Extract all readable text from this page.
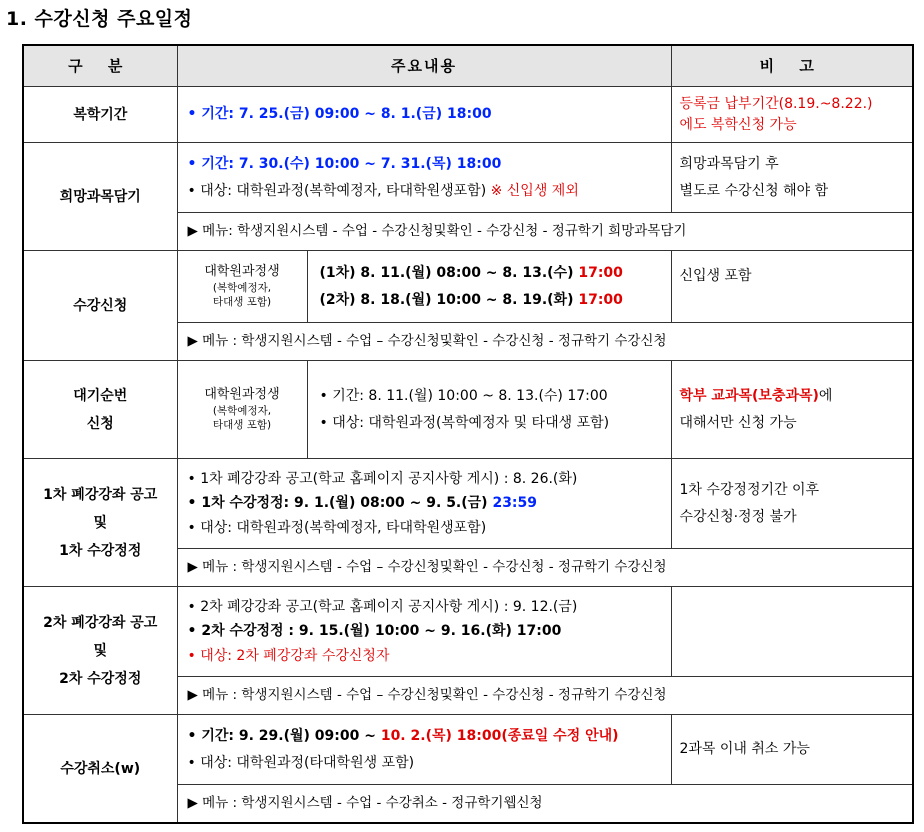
1. 수강신청 주요일정
구 분	주요내용		비 고
복학기간	• 기간: 7. 25.(금) 09:00 ~ 8. 1.(금) 18:00		등록금 납부기간(8.19.~8.22.)
에도 복학신청 가능

희망과목담기	• 기간: 7. 30.(수) 10:00 ~ 7. 31.(목) 18:00
• 대상: 대학원과정(복학예정자, 타대학원생포함) ※ 신입생 제외		희망과목담기 후
별도로 수강신청 해야 함

	▶ 메뉴: 학생지원시스템 - 수업 - 수강신청및확인 - 수강신청 - 정규학기 희망과목담기		
수강신청	대학원과정생
(복학예정자,
타대생 포함)	(1차) 8. 11.(월) 08:00 ~ 8. 13.(수) 17:00
(2차) 8. 18.(월) 10:00 ~ 8. 19.(화) 17:00	신입생 포함
	▶ 메뉴 : 학생지원시스템 - 수업 – 수강신청및확인 - 수강신청 - 정규학기 수강신청		

대기순번
신청	대학원과정생
(복학예정자,
타대생 포함)	• 기간: 8. 11.(월) 10:00 ~ 8. 13.(수) 17:00
• 대상: 대학원과정(복학예정자 및 타대생 포함)	학부 교과목(보충과목)에
대해서만 신청 가능

1차 폐강강좌 공고
및
1차 수강정정	• 1차 폐강강좌 공고(학교 홈페이지 공지사항 게시) : 8. 26.(화)
• 1차 수강정정: 9. 1.(월) 08:00 ~ 9. 5.(금) 23:59
• 대상: 대학원과정(복학예정자, 타대학원생포함)		1차 수강정정기간 이후
수강신청·정정 불가

	▶ 메뉴 : 학생지원시스템 - 수업 – 수강신청및확인 - 수강신청 - 정규학기 수강신청		

2차 폐강강좌 공고
및
2차 수강정정	• 2차 폐강강좌 공고(학교 홈페이지 공지사항 게시) : 9. 12.(금)
• 2차 수강정정 : 9. 15.(월) 10:00 ~ 9. 16.(화) 17:00
• 대상: 2차 폐강강좌 수강신청자		

	▶ 메뉴 : 학생지원시스템 - 수업 – 수강신청및확인 - 수강신청 - 정규학기 수강신청		
수강취소(w)	• 기간: 9. 29.(월) 09:00 ~ 10. 2.(목) 18:00(종료일 수정 안내)
• 대상: 대학원과정(타대학원생 포함)		2과목 이내 취소 가능
	▶ 메뉴 : 학생지원시스템 - 수업 - 수강취소 - 정규학기웹신청		
